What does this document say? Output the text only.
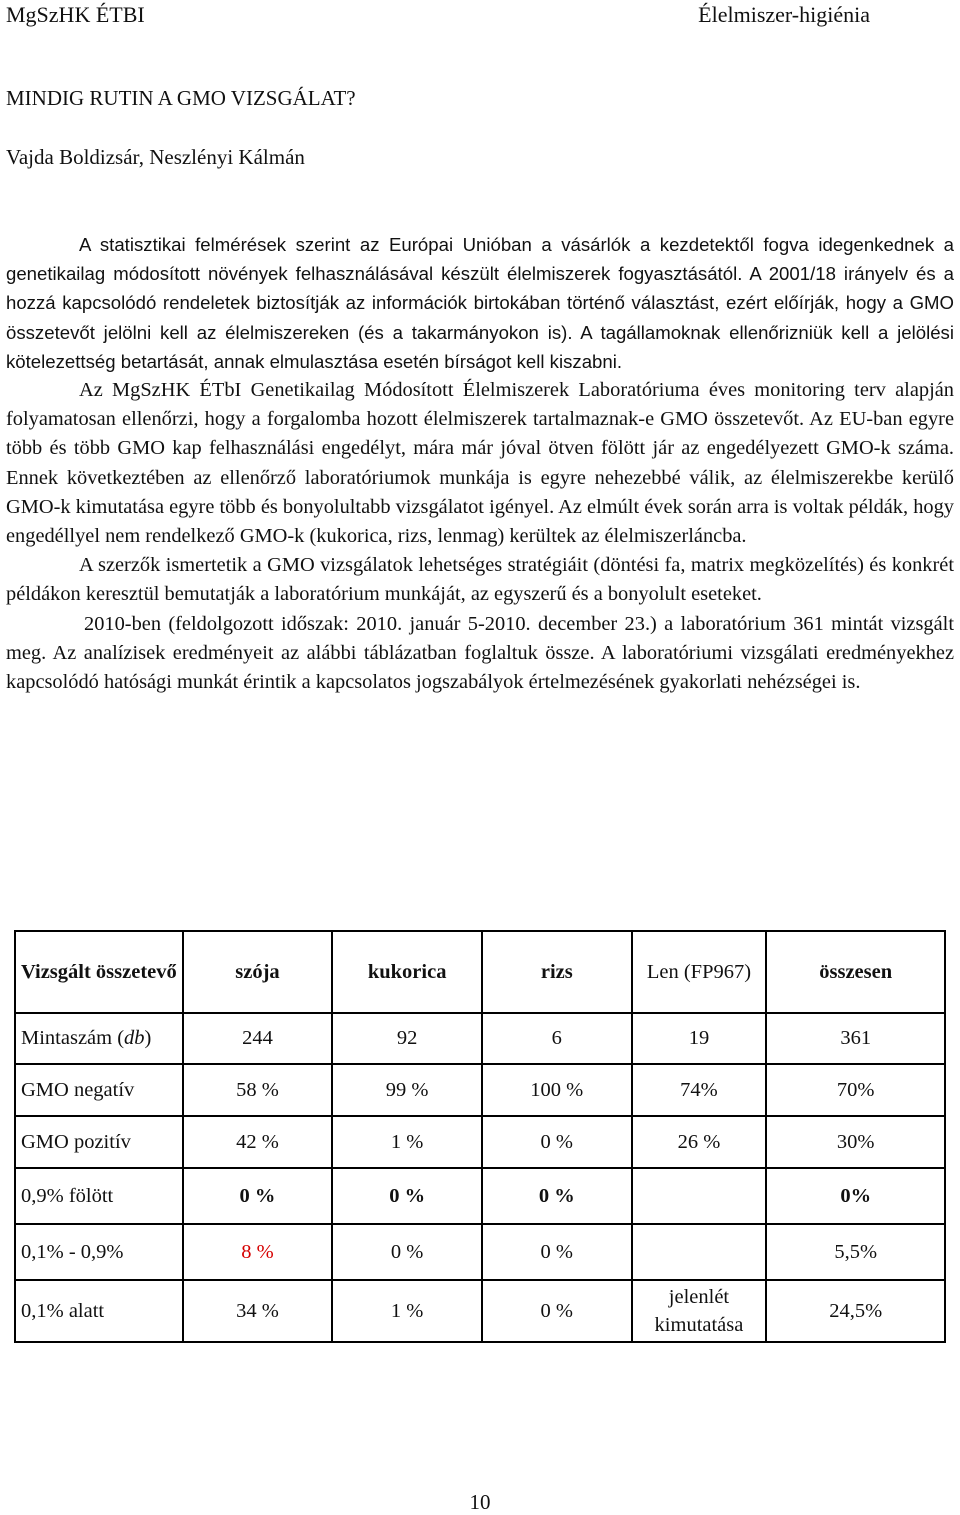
MgSzHK ÉTBI	Élelmiszer-higiénia
MINDIG RUTIN A GMO VIZSGÁLAT?
Vajda Boldizsár, Neszlényi Kálmán

A statisztikai felmérések szerint az Európai Unióban a vásárlók a kezdetektől fogva idegenkednek a genetikailag módosított növények felhasználásával készült élelmiszerek fogyasztásától. A 2001/18 irányelv és a hozzá kapcsolódó rendeletek biztosítják az információk birtokában történő választást, ezért előírják, hogy a GMO összetevőt jelölni kell az élelmiszereken (és a takarmányokon is). A tagállamoknak ellenőrizniük kell a jelölési kötelezettség betartását, annak elmulasztása esetén bírságot kell kiszabni.

Az MgSzHK ÉTbI Genetikailag Módosított Élelmiszerek Laboratóriuma éves monitoring terv alapján folyamatosan ellenőrzi, hogy a forgalomba hozott élelmiszerek tartalmaznak-e GMO összetevőt. Az EU-ban egyre több és több GMO kap felhasználási engedélyt, mára már jóval ötven fölött jár az engedélyezett GMO-k száma. Ennek következtében az ellenőrző laboratóriumok munkája is egyre nehezebbé válik, az élelmiszerekbe kerülő GMO-k kimutatása egyre több és bonyolultabb vizsgálatot igényel. Az elmúlt évek során arra is voltak példák, hogy engedéllyel nem rendelkező GMO-k (kukorica, rizs, lenmag) kerültek az élelmiszerláncba.

A szerzők ismertetik a GMO vizsgálatok lehetséges stratégiáit (döntési fa, matrix megközelítés) és konkrét példákon keresztül bemutatják a laboratórium munkáját, az egyszerű és a bonyolult eseteket.

2010-ben (feldolgozott időszak: 2010. január 5-2010. december 23.) a laboratórium 361 mintát vizsgált meg. Az analízisek eredményeit az alábbi táblázatban foglaltuk össze. A laboratóriumi vizsgálati eredményekhez kapcsolódó hatósági munkát érintik a kapcsolatos jogszabályok értelmezésének gyakorlati nehézségei is.

Vizsgált összetevő	szója	kukorica	rizs	Len (FP967)	összesen
Mintaszám (db)	244	92	6	19	361
GMO negatív	58 %	99 %	100 %	74%	70%
GMO pozitív	42 %	1 %	0 %	26 %	30%
0,9% fölött	0 %	0 %	0 %		0%
0,1% - 0,9%	8 %	0 %	0 %		5,5%
0,1% alatt	34 %	1 %	0 %	jelenlét kimutatása	24,5%
10
